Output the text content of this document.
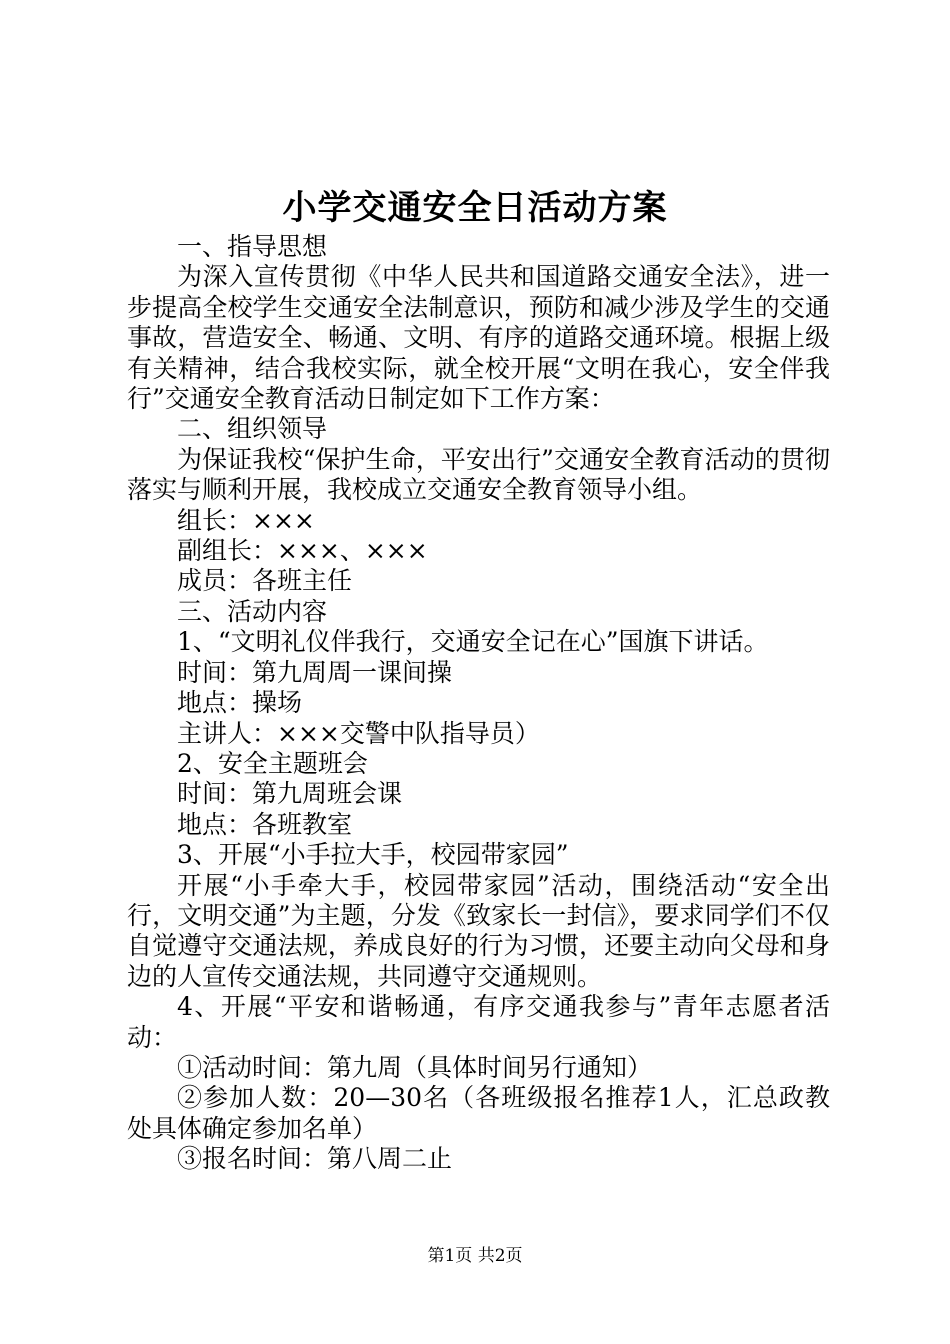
小学交通安全日活动方案

一、指导思想

为深入宣传贯彻《中华人民共和国道路交通安全法》，进一步提高全校学生交通安全法制意识，预防和减少涉及学生的交通事故，营造安全、畅通、文明、有序的道路交通环境。根据上级有关精神，结合我校实际，就全校开展“文明在我心，安全伴我行”交通安全教育活动日制定如下工作方案：

二、组织领导

为保证我校“保护生命，平安出行”交通安全教育活动的贯彻落实与顺利开展，我校成立交通安全教育领导小组。

组长：×××

副组长：×××、×××

成员：各班主任

三、活动内容

1、“文明礼仪伴我行，交通安全记在心”国旗下讲话。

时间：第九周周一课间操

地点：操场

主讲人：×××交警中队指导员）

2、安全主题班会

时间：第九周班会课

地点：各班教室

3、开展“小手拉大手，校园带家园”

开展“小手牵大手，校园带家园”活动，围绕活动“安全出行，文明交通”为主题，分发《致家长一封信》，要求同学们不仅自觉遵守交通法规，养成良好的行为习惯，还要主动向父母和身边的人宣传交通法规，共同遵守交通规则。

4、开展“平安和谐畅通，有序交通我参与”青年志愿者活动：

①活动时间：第九周（具体时间另行通知）

②参加人数：20—30名（各班级报名推荐1人，汇总政教处具体确定参加名单）

③报名时间：第八周二止

第1页 共2页
